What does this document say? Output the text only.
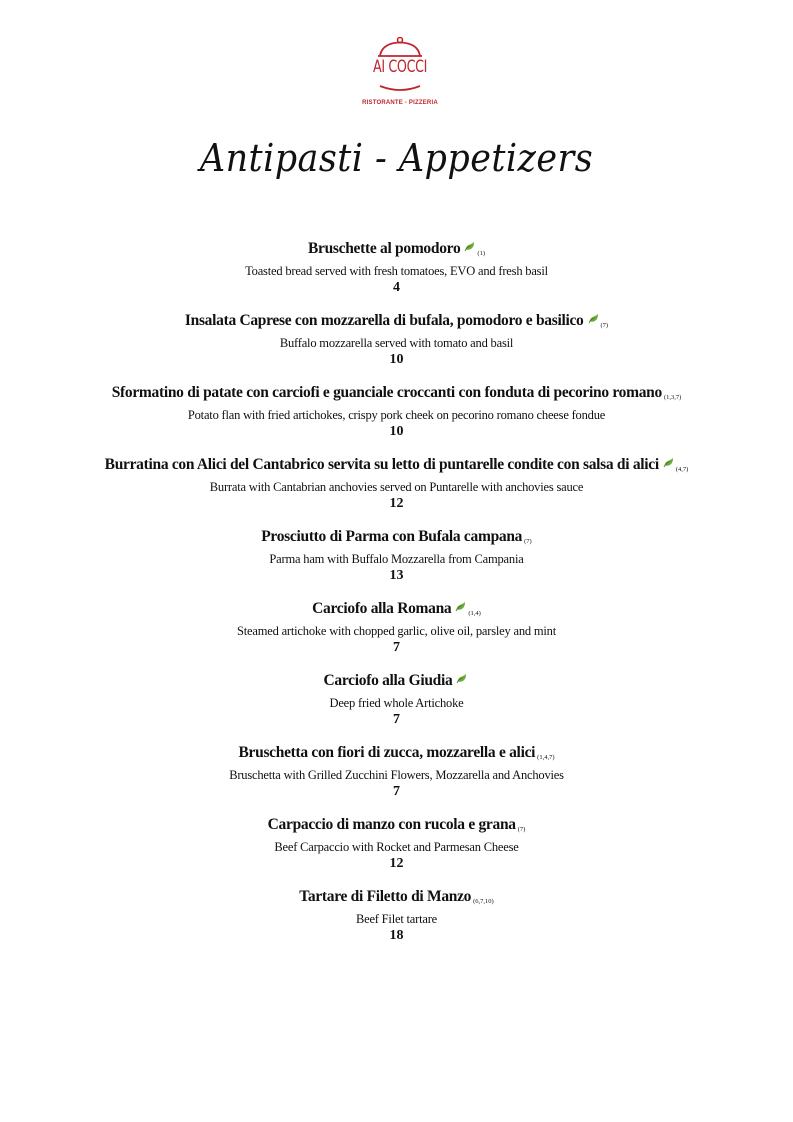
AI COCCI
RISTORANTE - PIZZERIA
Antipasti - Appetizers
Bruschette al pomodoro	(1)
Toasted bread served with fresh tomatoes, EVO and fresh basil
4
Insalata Caprese con mozzarella di bufala, pomodoro e basilico	(7)
Buffalo mozzarella served with tomato and basil
10
Sformatino di patate con carciofi e guanciale croccanti con fonduta di pecorino romano (1,3,7)
Potato flan with fried artichokes, crispy pork cheek on pecorino romano cheese fondue
10
Burratina con Alici del Cantabrico servita su letto di puntarelle condite con salsa di alici	(4,7)
Burrata with Cantabrian anchovies served on Puntarelle with anchovies sauce
12
Prosciutto di Parma con Bufala campana (7)
Parma ham with Buffalo Mozzarella from Campania
13
Carciofo alla Romana	(1,4)
Steamed artichoke with chopped garlic, olive oil, parsley and mint
7
Carciofo alla Giudia
Deep fried whole Artichoke
7
Bruschetta con fiori di zucca, mozzarella e alici (1,4,7)
Bruschetta with Grilled Zucchini Flowers, Mozzarella and Anchovies
7
Carpaccio di manzo con rucola e grana (7)
Beef Carpaccio with Rocket and Parmesan Cheese
12
Tartare di Filetto di Manzo (6,7,10)
Beef Filet tartare
18
